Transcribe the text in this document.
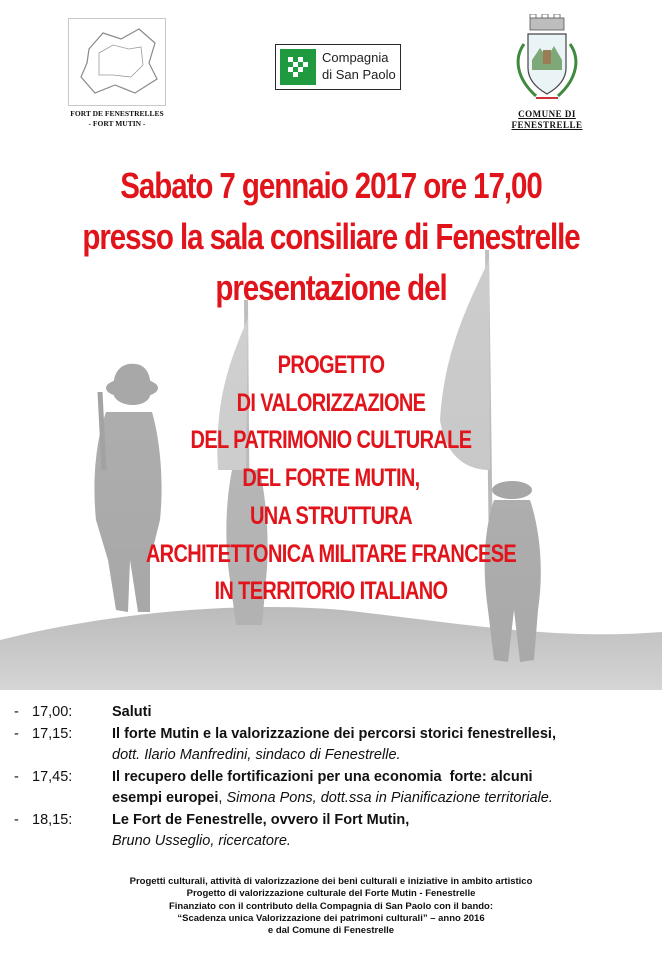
FORT DE FENESTRELLES
- FORT MUTIN -
Compagnia
di San Paolo
COMUNE DI
FENESTRELLE
Sabato 7 gennaio 2017 ore 17,00
presso la sala consiliare di Fenestrelle
presentazione del
PROGETTO
DI VALORIZZAZIONE
DEL PATRIMONIO CULTURALE
DEL FORTE MUTIN,
UNA STRUTTURA
ARCHITETTONICA MILITARE FRANCESE
IN TERRITORIO ITALIANO
- 17,00:	Saluti
- 17,15:	Il forte Mutin e la valorizzazione dei percorsi storici fenestrellesi,
dott. Ilario Manfredini, sindaco di Fenestrelle.
- 17,45:	Il recupero delle fortificazioni per una economia  forte: alcuni
esempi europei, Simona Pons, dott.ssa in Pianificazione territoriale.
- 18,15:	Le Fort de Fenestrelle, ovvero il Fort Mutin,
Bruno Usseglio, ricercatore.
Progetti culturali, attività di valorizzazione dei beni culturali e iniziative in ambito artistico
Progetto di valorizzazione culturale del Forte Mutin - Fenestrelle
Finanziato con il contributo della Compagnia di San Paolo con il bando:
“Scadenza unica Valorizzazione dei patrimoni culturali” – anno 2016
e dal Comune di Fenestrelle
